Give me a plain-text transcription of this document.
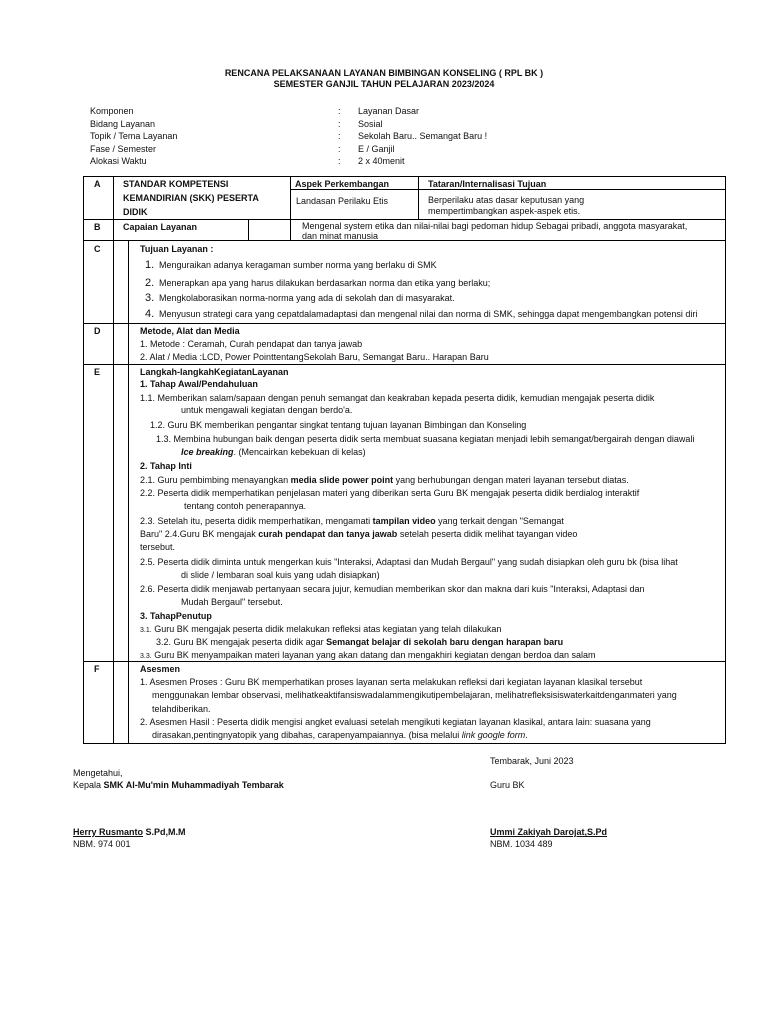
RENCANA PELAKSANAAN LAYANAN BIMBINGAN KONSELING ( RPL BK )
SEMESTER GANJIL TAHUN PELAJARAN 2023/2024
Komponen	:	Layanan Dasar
Bidang Layanan	:	Sosial
Topik / Tema Layanan	:	Sekolah Baru.. Semangat Baru !
Fase / Semester	:	E / Ganjil
Alokasi Waktu	:	2 x 40menit
A	STANDAR KOMPETENSI
KEMANDIRIAN (SKK) PESERTA
DIDIK
Aspek Perkembangan	Tataran/Internalisasi Tujuan
Landasan Perilaku Etis	Berperilaku atas dasar keputusan yang
mempertimbangkan aspek-aspek etis.
B	Capaian Layanan	Mengenal system etika dan nilai-nilai bagi pedoman hidup Sebagai pribadi, anggota masyarakat,
dan minat manusia
C	Tujuan Layanan :
1. Menguraikan adanya keragaman sumber norma yang berlaku di SMK
2. Menerapkan apa yang harus dilakukan berdasarkan norma dan etika yang berlaku;
3. Mengkolaborasikan norma-norma yang ada di sekolah dan di masyarakat.
4. Menyusun strategi cara yang cepatdalamadaptasi dan mengenal nilai dan norma di SMK, sehingga dapat mengembangkan potensi diri
D	Metode, Alat dan Media
1. Metode : Ceramah, Curah pendapat dan tanya jawab
2. Alat / Media :LCD, Power PointtentangSekolah Baru, Semangat Baru.. Harapan Baru
E	Langkah-langkahKegiatanLayanan
1. Tahap Awal/Pendahuluan
1.1. Memberikan salam/sapaan dengan penuh semangat dan keakraban kepada peserta didik, kemudian mengajak peserta didik
untuk mengawali kegiatan dengan berdo'a.
1.2. Guru BK memberikan pengantar singkat tentang tujuan layanan Bimbingan dan Konseling
1.3. Membina hubungan baik dengan peserta didik serta membuat suasana kegiatan menjadi lebih semangat/bergairah dengan diawali
Ice breaking. (Mencairkan kebekuan di kelas)
2. Tahap Inti
2.1. Guru pembimbing menayangkan media slide power point yang berhubungan dengan materi layanan tersebut diatas.
2.2. Peserta didik memperhatikan penjelasan materi yang diberikan serta Guru BK mengajak peserta didik berdialog interaktif
tentang contoh penerapannya.
2.3. Setelah itu, peserta didik memperhatikan, mengamati tampilan video yang terkait dengan "Semangat
Baru" 2.4.Guru BK mengajak curah pendapat dan tanya jawab setelah peserta didik melihat tayangan video
tersebut.
2.5. Peserta didik diminta untuk mengerkan kuis "Interaksi, Adaptasi dan Mudah Bergaul" yang sudah disiapkan oleh guru bk (bisa lihat
di slide / lembaran soal kuis yang udah disiapkan)
2.6. Peserta didik menjawab pertanyaan secara jujur, kemudian memberikan skor dan makna dari kuis "Interaksi, Adaptasi dan
Mudah Bergaul" tersebut.
3. TahapPenutup
3.1. Guru BK mengajak peserta didik melakukan refleksi atas kegiatan yang telah dilakukan
3.2. Guru BK mengajak peserta didik agar Semangat belajar di sekolah baru dengan harapan baru
3.3. Guru BK menyampaikan materi layanan yang akan datang dan mengakhiri kegiatan dengan berdoa dan salam
F	Asesmen
1. Asesmen Proses : Guru BK memperhatikan proses layanan serta melakukan refleksi dari kegiatan layanan klasikal tersebut
menggunakan lembar observasi, melihatkeaktifansiswadalammengikutipembelajaran, melihatrefleksisiswaterkaitdenganmateri yang
telahdiberikan.
2. Asesmen Hasil : Peserta didik mengisi angket evaluasi setelah mengikuti kegiatan layanan klasikal, antara lain: suasana yang
dirasakan,pentingnyatopik yang dibahas, carapenyampaiannya. (bisa melalui link google form.
Tembarak, Juni 2023
Mengetahui,
Kepala SMK Al-Mu'min Muhammadiyah Tembarak	Guru BK
Herry Rusmanto S.Pd,M.M
NBM. 974 001
Ummi Zakiyah Darojat,S.Pd
NBM. 1034 489
